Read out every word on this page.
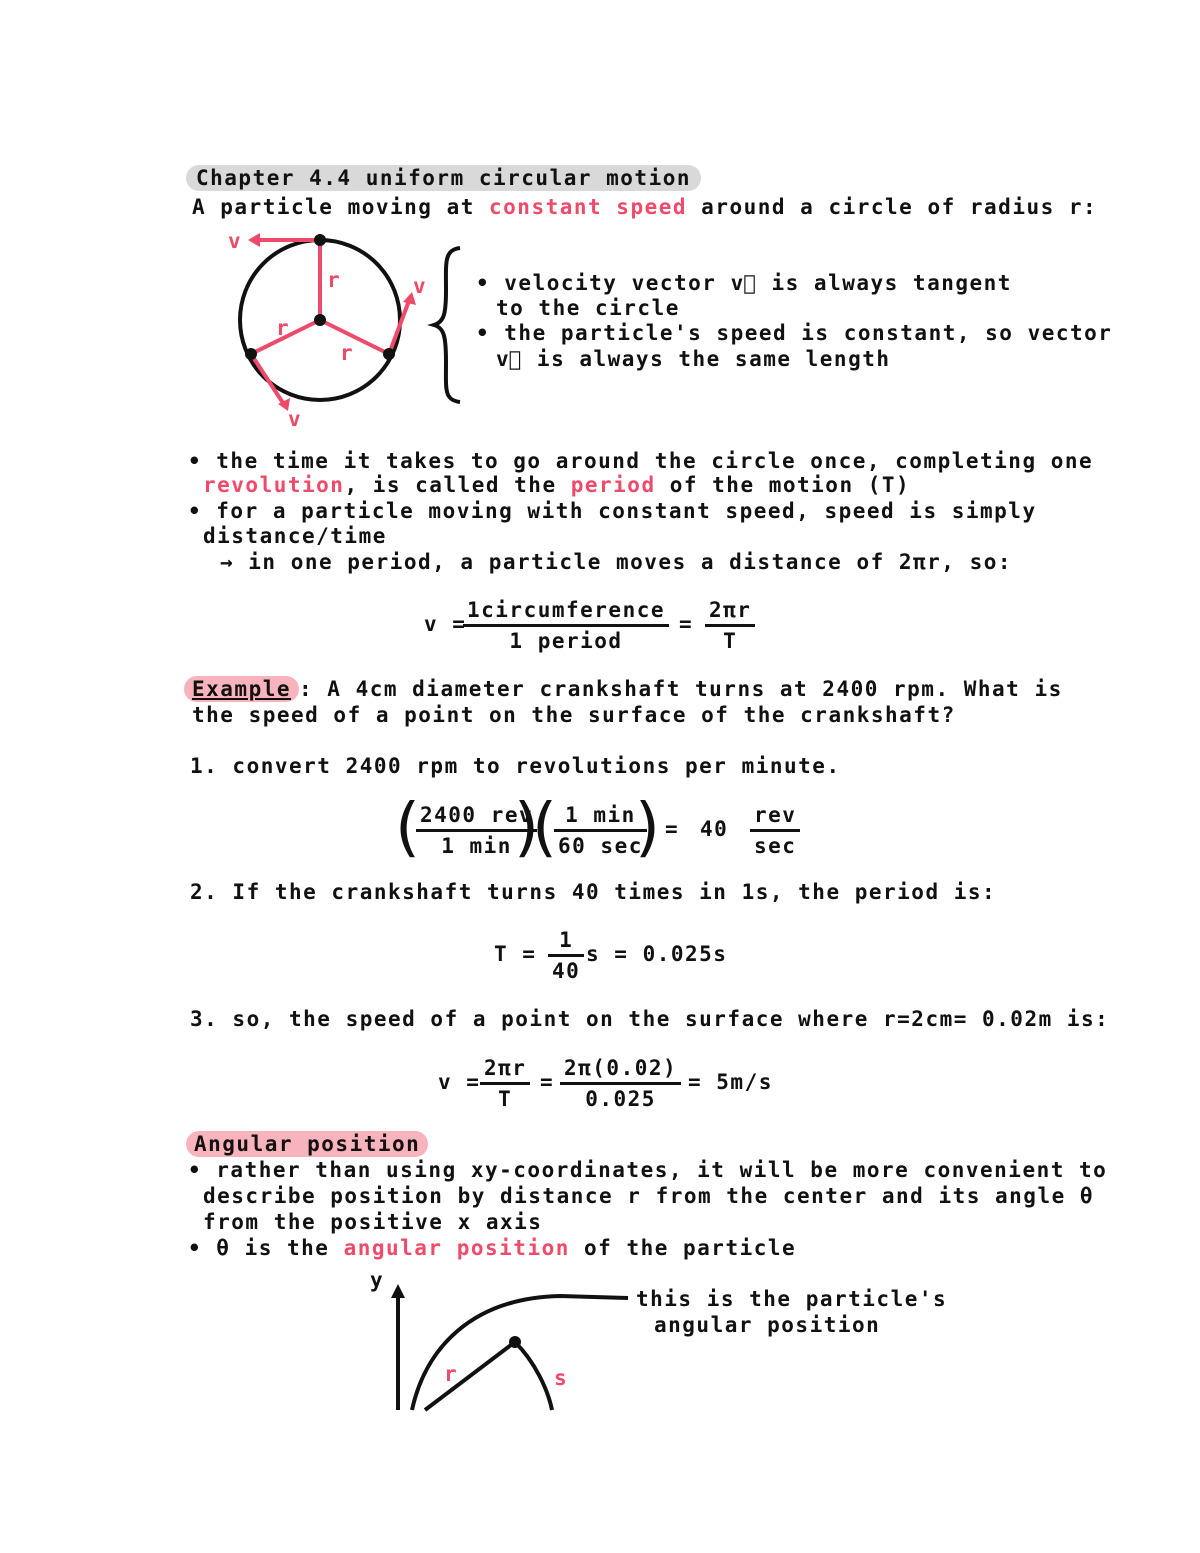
Chapter 4.4 uniform circular motion
A particle moving at constant speed around a circle of radius r:
v
v
v
r
r
r
• velocity vector v⃗ is always tangent
to the circle
• the particle's speed is constant, so vector
v⃗ is always the same length
• the time it takes to go around the circle once, completing one
revolution, is called the period of the motion (T)
• for a particle moving with constant speed, speed is simply
distance/time
→ in one period, a particle moves a distance of 2πr, so:
v =
1circumference
1 period
= $\frac{2\pi r}{T}$
Example : A 4cm diameter crankshaft turns at 2400 rpm. What is
the speed of a point on the surface of the crankshaft?
1. convert 2400 rpm to revolutions per minute.
( 2400 rev
1 min )
( 1 min
60 sec
) = 40
rev
sec
2. If the crankshaft turns 40 times in 1s, the period is:
$T = \frac{1}{40}$ s = 0.025s
3. so, the speed of a point on the surface where r=2cm= 0.02m is:
$v = \frac{2\pi r}{T} = \frac{2\pi(0.02)}{0.025} = 5m/s$
Angular position
• rather than using xy-coordinates, it will be more convenient to
describe position by distance r from the center and its angle θ
from the positive x axis
• θ is the angular position of the particle
y
r	s
this is the particle's
angular position
